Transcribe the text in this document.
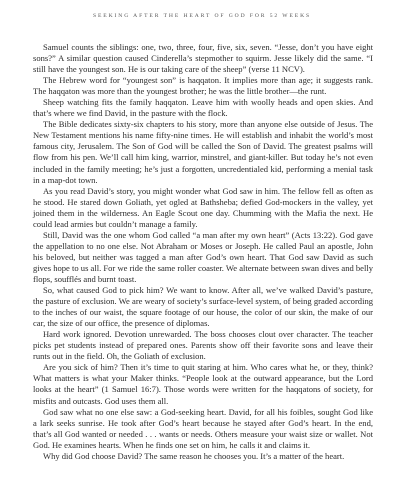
SEEKING AFTER THE HEART OF GOD FOR 52 WEEKS

Samuel counts the siblings: one, two, three, four, five, six, seven. “Jesse, don’t you have eight sons?” A similar question caused Cinderella’s stepmother to squirm. Jesse likely did the same. “I still have the youngest son. He is our taking care of the sheep” (verse 11 NCV).

The Hebrew word for “youngest son” is haqqaton. It implies more than age; it suggests rank. The haqqaton was more than the youngest brother; he was the little brother—the runt.

Sheep watching fits the family haqqaton. Leave him with woolly heads and open skies. And that’s where we find David, in the pasture with the flock.

The Bible dedicates sixty-six chapters to his story, more than anyone else outside of Jesus. The New Testament mentions his name fifty-nine times. He will establish and inhabit the world’s most famous city, Jerusalem. The Son of God will be called the Son of David. The greatest psalms will flow from his pen. We’ll call him king, warrior, minstrel, and giant-killer. But today he’s not even included in the family meeting; he’s just a forgotten, uncredentialed kid, performing a menial task in a map-dot town.

As you read David’s story, you might wonder what God saw in him. The fellow fell as often as he stood. He stared down Goliath, yet ogled at Bathsheba; defied God-mockers in the valley, yet joined them in the wilderness. An Eagle Scout one day. Chumming with the Mafia the next. He could lead armies but couldn’t manage a family.

Still, David was the one whom God called “a man after my own heart” (Acts 13:22). God gave the appellation to no one else. Not Abraham or Moses or Joseph. He called Paul an apostle, John his beloved, but neither was tagged a man after God’s own heart. That God saw David as such gives hope to us all. For we ride the same roller coaster. We alternate between swan dives and belly flops, soufflés and burnt toast.

So, what caused God to pick him? We want to know. After all, we’ve walked David’s pasture, the pasture of exclusion. We are weary of society’s surface-level system, of being graded according to the inches of our waist, the square footage of our house, the color of our skin, the make of our car, the size of our office, the presence of diplomas.

Hard work ignored. Devotion unrewarded. The boss chooses clout over character. The teacher picks pet students instead of prepared ones. Parents show off their favorite sons and leave their runts out in the field. Oh, the Goliath of exclusion.

Are you sick of him? Then it’s time to quit staring at him. Who cares what he, or they, think? What matters is what your Maker thinks. “People look at the outward appearance, but the Lord looks at the heart” (1 Samuel 16:7). Those words were written for the haqqatons of society, for misfits and outcasts. God uses them all.

God saw what no one else saw: a God-seeking heart. David, for all his foibles, sought God like a lark seeks sunrise. He took after God’s heart because he stayed after God’s heart. In the end, that’s all God wanted or needed . . . wants or needs. Others measure your waist size or wallet. Not God. He examines hearts. When he finds one set on him, he calls it and claims it.

Why did God choose David? The same reason he chooses you. It’s a matter of the heart.
